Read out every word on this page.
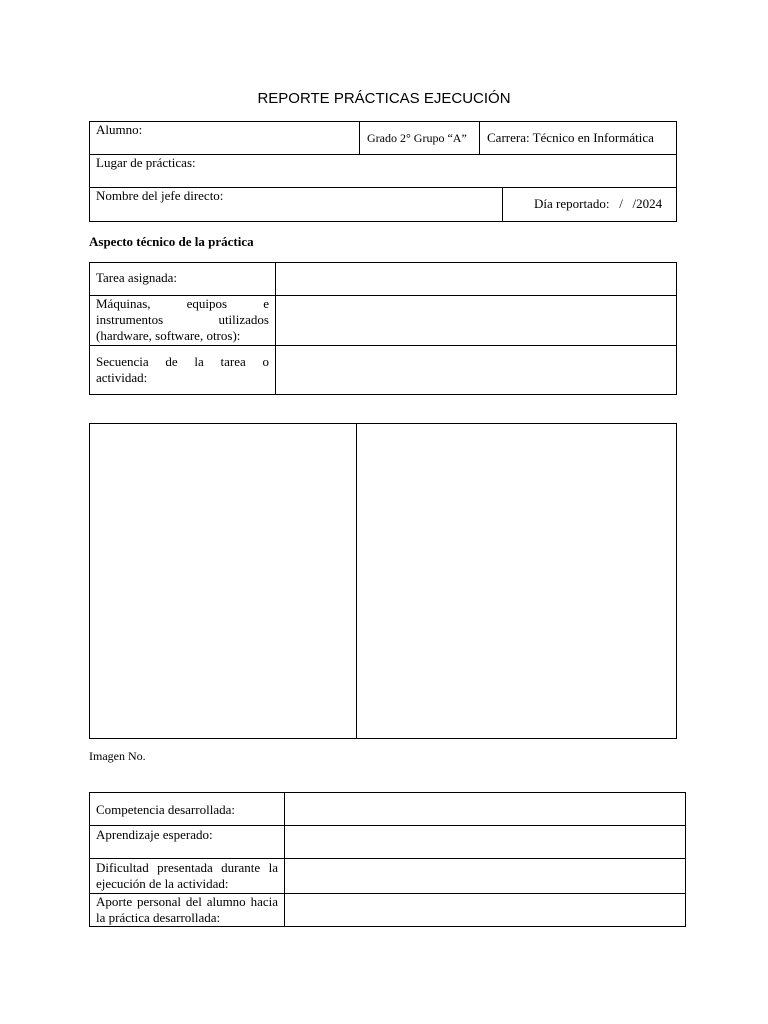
REPORTE PRÁCTICAS EJECUCIÓN
Alumno:
Grado 2° Grupo “A” Carrera: Técnico en Informática
Lugar de prácticas:
Nombre del jefe directo:
Día reportado:   /   /2024
Aspecto técnico de la práctica
Tarea asignada:
Máquinas, equipos e instrumentos utilizados (hardware, software, otros):
Secuencia de la tarea o actividad:
Imagen No.
Competencia desarrollada:
Aprendizaje esperado:
Dificultad presentada durante la ejecución de la actividad:
Aporte personal del alumno hacia la práctica desarrollada:
